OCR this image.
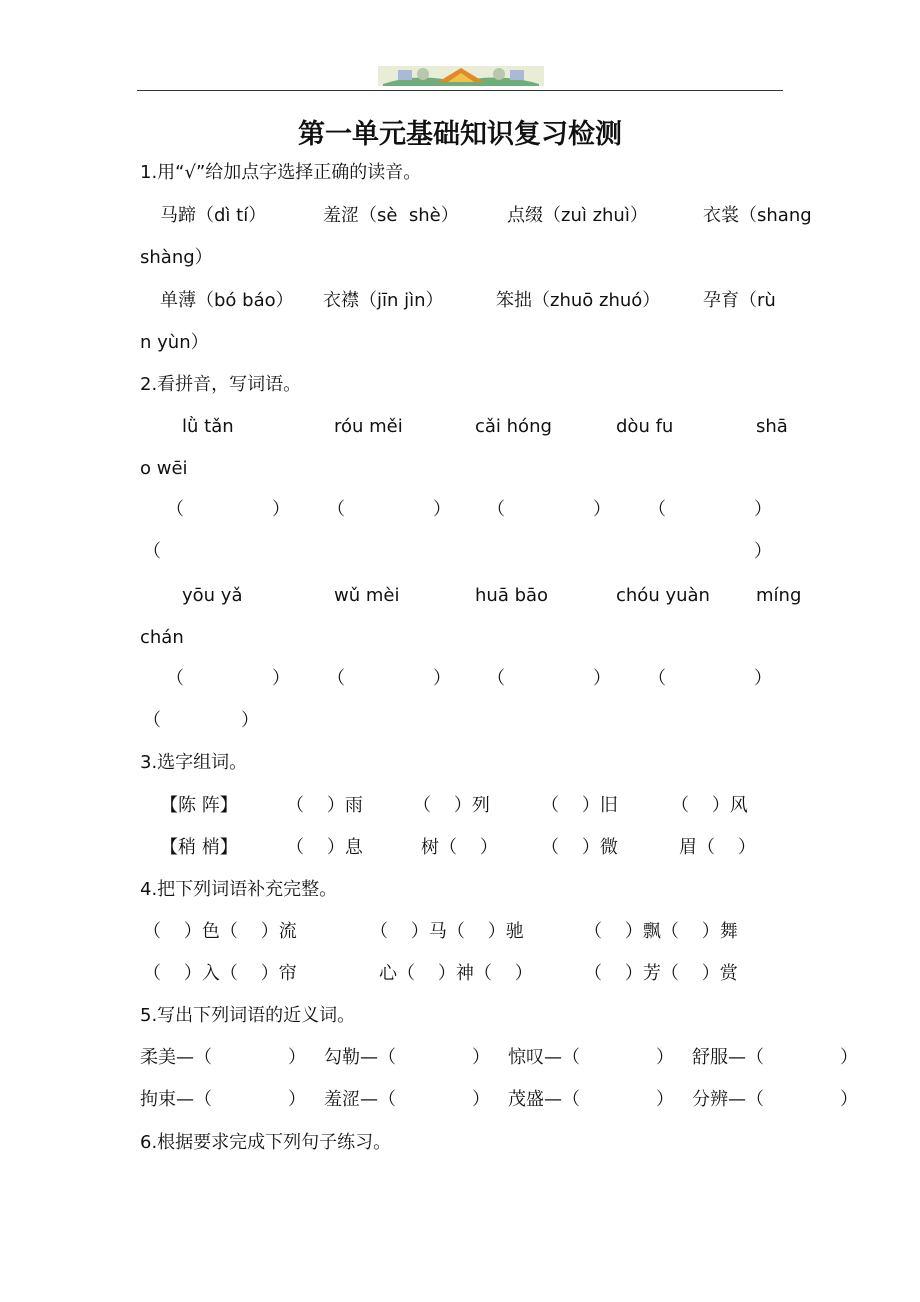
第一单元基础知识复习检测
1.用“√”给加点字选择正确的读音。
马蹄（dì tí）	羞涩（sè  shè）	点缀（zuì zhuì）	衣裳（shang
shàng）
单薄（bó báo） 衣襟（jīn jìn）	笨拙（zhuō zhuó） 孕育（rù
n yùn）
2.看拼音，写词语。
lǜ tǎn	róu měi	cǎi hóng	dòu fu	shā
o wēi
（	） （	） （	） （	）
（	）
yōu yǎ	wǔ mèi	huā bāo	chóu yuàn	míng
chán
（	） （	） （	） （	）
（	）
3.选字组词。
【陈 阵】	（    ）雨	（    ）列	（    ）旧	（    ）风
【稍 梢】	（    ）息	树（    ） （    ）微	眉（    ）
4.把下列词语补充完整。
（    ）色（    ）流	（    ）马（    ）驰	（    ）飘（    ）舞
（    ）入（    ）帘	心（    ）神（    ）	（    ）芳（    ）赏
5.写出下列词语的近义词。
柔美—（	） 勾勒—（	） 惊叹—（	） 舒服—（	）
拘束—（	） 羞涩—（	） 茂盛—（	） 分辨—（	）
6.根据要求完成下列句子练习。
